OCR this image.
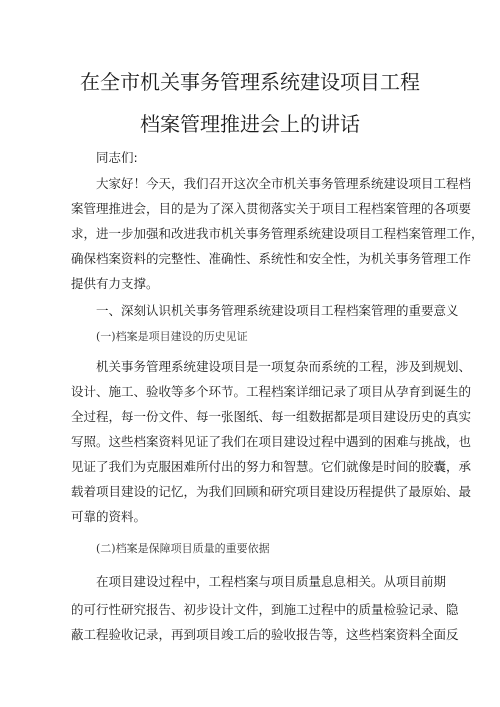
在全市机关事务管理系统建设项目工程
档案管理推进会上的讲话
同志们:
大家好！今天，我们召开这次全市机关事务管理系统建设项目工程档
案管理推进会，目的是为了深入贯彻落实关于项目工程档案管理的各项要
求，进一步加强和改进我市机关事务管理系统建设项目工程档案管理工作，
确保档案资料的完整性、准确性、系统性和安全性，为机关事务管理工作
提供有力支撑。
一、深刻认识机关事务管理系统建设项目工程档案管理的重要意义
(一)档案是项目建设的历史见证
机关事务管理系统建设项目是一项复杂而系统的工程，涉及到规划、
设计、施工、验收等多个环节。工程档案详细记录了项目从孕育到诞生的
全过程，每一份文件、每一张图纸、每一组数据都是项目建设历史的真实
写照。这些档案资料见证了我们在项目建设过程中遇到的困难与挑战，也
见证了我们为克服困难所付出的努力和智慧。它们就像是时间的胶囊，承
载着项目建设的记忆，为我们回顾和研究项目建设历程提供了最原始、最
可靠的资料。
(二)档案是保障项目质量的重要依据
在项目建设过程中，工程档案与项目质量息息相关。从项目前期
的可行性研究报告、初步设计文件，到施工过程中的质量检验记录、隐
蔽工程验收记录，再到项目竣工后的验收报告等，这些档案资料全面反
